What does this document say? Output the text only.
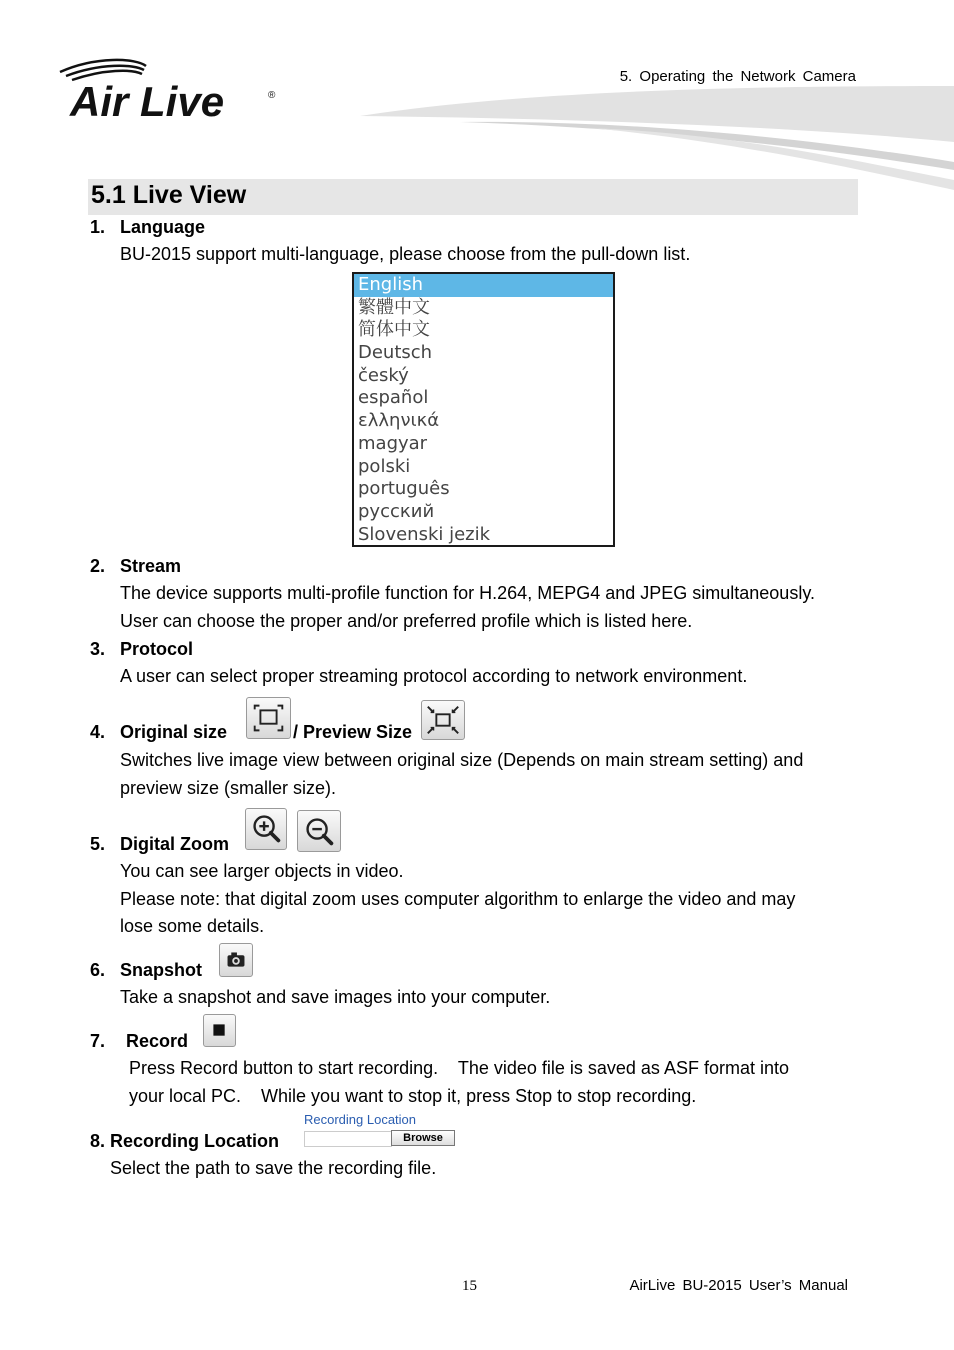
5. Operating the Network Camera
Air Live	®
5.1 Live View
1. Language
BU-2015 support multi-language, please choose from the pull-down list.
English
繁體中文
简体中文
Deutsch
český
español
ελληνικά
magyar
polski
português
русский
Slovenski jezik
2. Stream
The device supports multi-profile function for H.264, MEPG4 and JPEG simultaneously.
User can choose the proper and/or preferred profile which is listed here.
3. Protocol
A user can select proper streaming protocol according to network environment.
4. Original size	/ Preview Size
Switches live image view between original size (Depends on main stream setting) and
preview size (smaller size).
5. Digital Zoom
You can see larger objects in video.
Please note: that digital zoom uses computer algorithm to enlarge the video and may
lose some details.
6. Snapshot
Take a snapshot and save images into your computer.
7. Record
Press Record button to start recording.    The video file is saved as ASF format into
your local PC.    While you want to stop it, press Stop to stop recording.
8. Recording Location
Recording Location
Browse
Select the path to save the recording file.
15	AirLive BU-2015 User’s Manual
